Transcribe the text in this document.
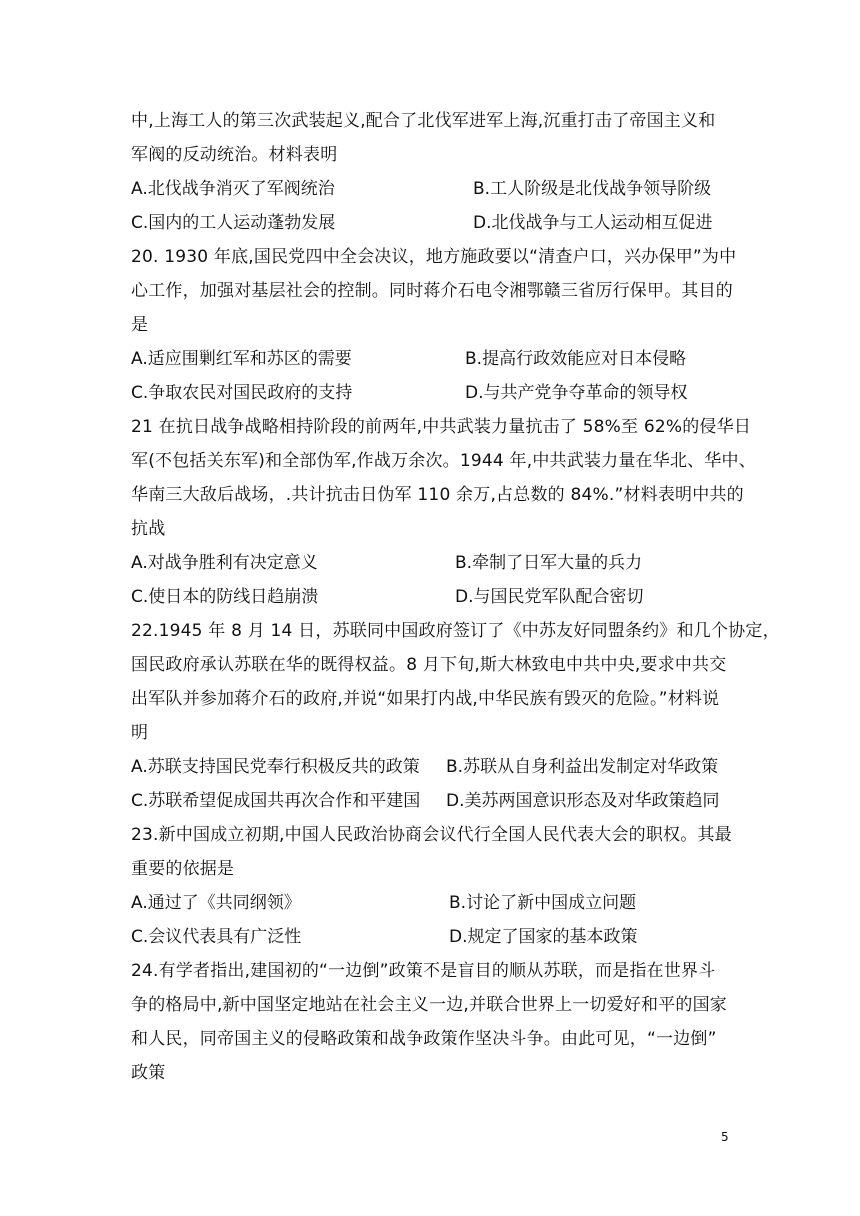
中,上海工人的第三次武装起义,配合了北伐军进军上海,沉重打击了帝国主义和
军阀的反动统治。材料表明
A.北伐战争消灭了军阀统治	B.工人阶级是北伐战争领导阶级
C.国内的工人运动蓬勃发展	D.北伐战争与工人运动相互促进
20. 1930 年底,国民党四中全会决议，地方施政要以“清查户口，兴办保甲”为中
心工作，加强对基层社会的控制。同时蒋介石电令湘鄂赣三省厉行保甲。其目的
是
A.适应围剿红军和苏区的需要	B.提高行政效能应对日本侵略
C.争取农民对国民政府的支持	D.与共产党争夺革命的领导权
21 在抗日战争战略相持阶段的前两年,中共武装力量抗击了 58%至 62%的侵华日
军(不包括关东军)和全部伪军,作战万余次。1944 年,中共武装力量在华北、华中、
华南三大敌后战场，.共计抗击日伪军 110 余万,占总数的 84%.”材料表明中共的
抗战
A.对战争胜利有决定意义	B.牵制了日军大量的兵力
C.使日本的防线日趋崩溃	D.与国民党军队配合密切
22.1945 年 8 月 14 日，苏联同中国政府签订了《中苏友好同盟条约》和几个协定，
国民政府承认苏联在华的既得权益。8 月下旬,斯大林致电中共中央,要求中共交
出军队并参加蒋介石的政府,并说“如果打内战,中华民族有毁灭的危险。”材料说
明
A.苏联支持国民党奉行积极反共的政策 B.苏联从自身利益出发制定对华政策
C.苏联希望促成国共再次合作和平建国 D.美苏两国意识形态及对华政策趋同
23.新中国成立初期,中国人民政治协商会议代行全国人民代表大会的职权。其最
重要的依据是
A.通过了《共同纲领》	B.讨论了新中国成立问题
C.会议代表具有广泛性	D.规定了国家的基本政策
24.有学者指出,建国初的“一边倒”政策不是盲目的顺从苏联，而是指在世界斗
争的格局中,新中国坚定地站在社会主义一边,并联合世界上一切爱好和平的国家
和人民，同帝国主义的侵略政策和战争政策作坚决斗争。由此可见，“一边倒”
政策
5
